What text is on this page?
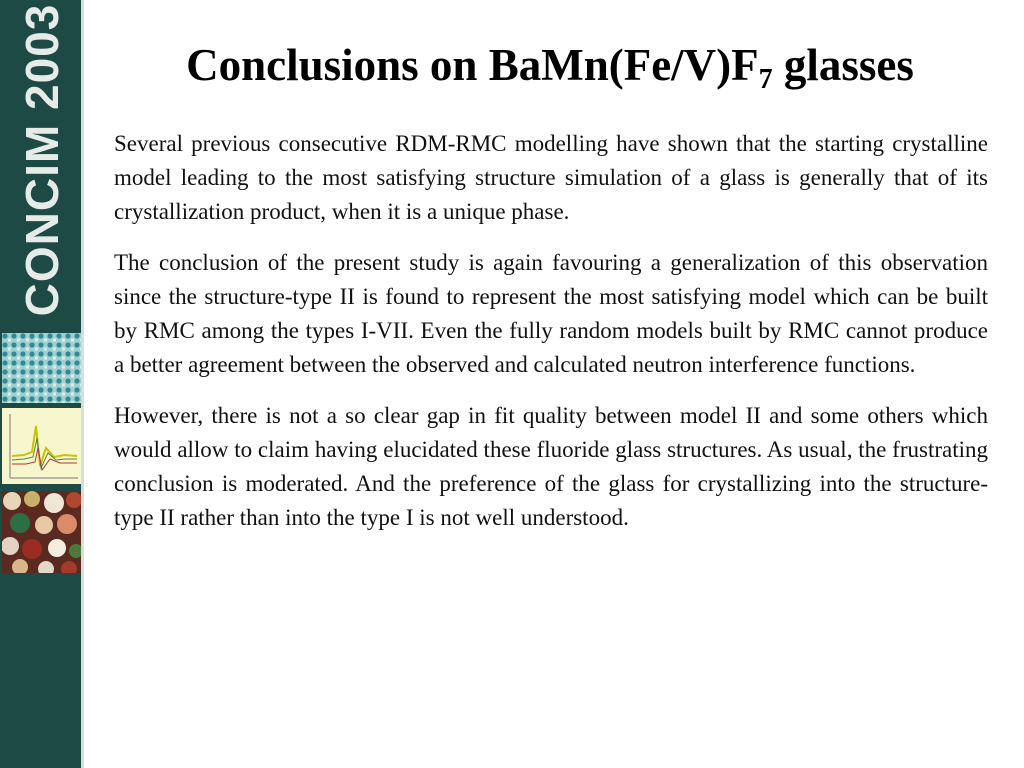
CONCIM 2003	Conclusions on $BaMn(Fe/V)F_7$ glasses

Several previous consecutive RDM-RMC modelling have shown that the starting crystalline model leading to the most satisfying structure simulation of a glass is generally that of its crystallization product, when it is a unique phase.

The conclusion of the present study is again favouring a generalization of this observation since the structure-type II is found to represent the most satisfying model which can be built by RMC among the types I-VII. Even the fully random models built by RMC cannot produce a better agreement between the observed and calculated neutron interference functions.

However, there is not a so clear gap in fit quality between model II and some others which would allow to claim having elucidated these fluoride glass structures. As usual, the frustrating conclusion is moderated. And the preference of the glass for crystallizing into the structure-type II rather than into the type I is not well understood.
